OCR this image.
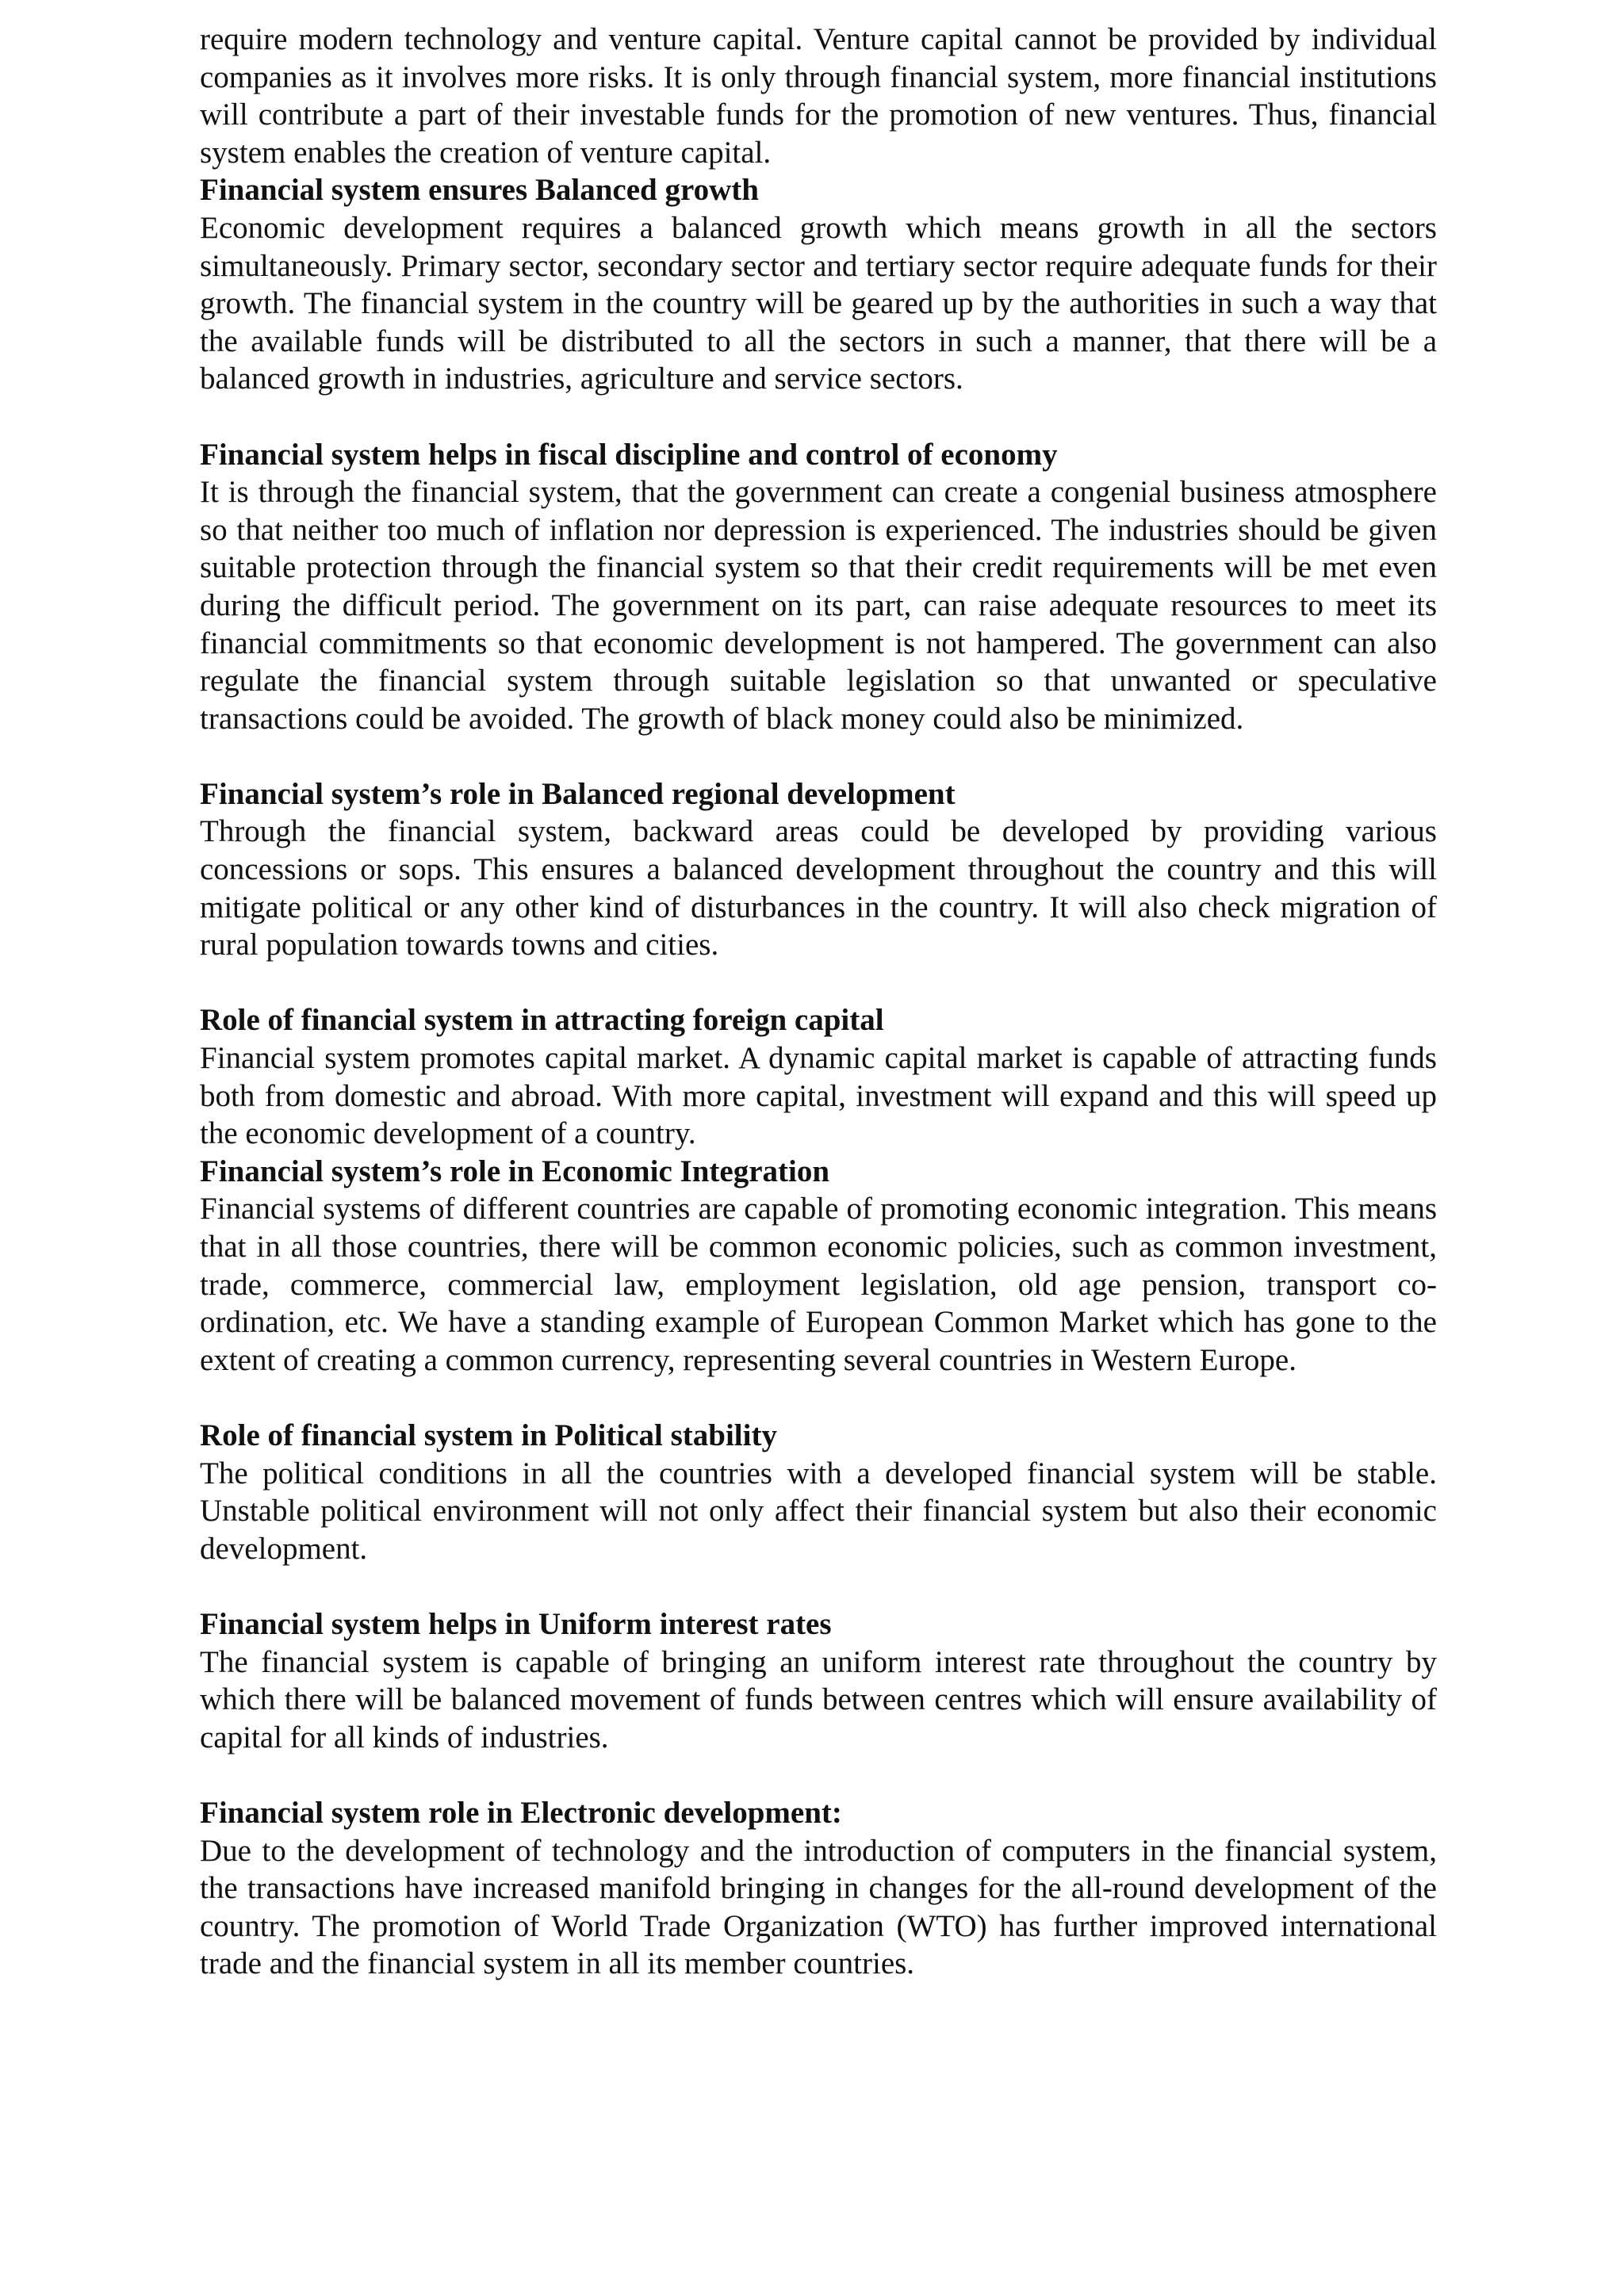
require modern technology and venture capital. Venture capital cannot be provided by individual companies as it involves more risks. It is only through financial system, more financial institutions will contribute a part of their investable funds for the promotion of new ventures. Thus, financial system enables the creation of venture capital.

Financial system ensures Balanced growth

Economic development requires a balanced growth which means growth in all the sectors simultaneously. Primary sector, secondary sector and tertiary sector require adequate funds for their growth. The financial system in the country will be geared up by the authorities in such a way that the available funds will be distributed to all the sectors in such a manner, that there will be a balanced growth in industries, agriculture and service sectors.

Financial system helps in fiscal discipline and control of economy

It is through the financial system, that the government can create a congenial business atmosphere so that neither too much of inflation nor depression is experienced. The industries should be given suitable protection through the financial system so that their credit requirements will be met even during the difficult period. The government on its part, can raise adequate resources to meet its financial commitments so that economic development is not hampered. The government can also regulate the financial system through suitable legislation so that unwanted or speculative transactions could be avoided. The growth of black money could also be minimized.

Financial system’s role in Balanced regional development

Through the financial system, backward areas could be developed by providing various concessions or sops. This ensures a balanced development throughout the country and this will mitigate political or any other kind of disturbances in the country. It will also check migration of rural population towards towns and cities.

Role of financial system in attracting foreign capital

Financial system promotes capital market. A dynamic capital market is capable of attracting funds both from domestic and abroad. With more capital, investment will expand and this will speed up the economic development of a country.

Financial system’s role in Economic Integration

Financial systems of different countries are capable of promoting economic integration. This means that in all those countries, there will be common economic policies, such as common investment, trade, commerce, commercial law, employment legislation, old age pension, transport co-ordination, etc. We have a standing example of European Common Market which has gone to the extent of creating a common currency, representing several countries in Western Europe.

Role of financial system in Political stability

The political conditions in all the countries with a developed financial system will be stable. Unstable political environment will not only affect their financial system but also their economic development.

Financial system helps in Uniform interest rates

The financial system is capable of bringing an uniform interest rate throughout the country by which there will be balanced movement of funds between centres which will ensure availability of capital for all kinds of industries.

Financial system role in Electronic development:

Due to the development of technology and the introduction of computers in the financial system, the transactions have increased manifold bringing in changes for the all-round development of the country. The promotion of World Trade Organization (WTO) has further improved international trade and the financial system in all its member countries.
